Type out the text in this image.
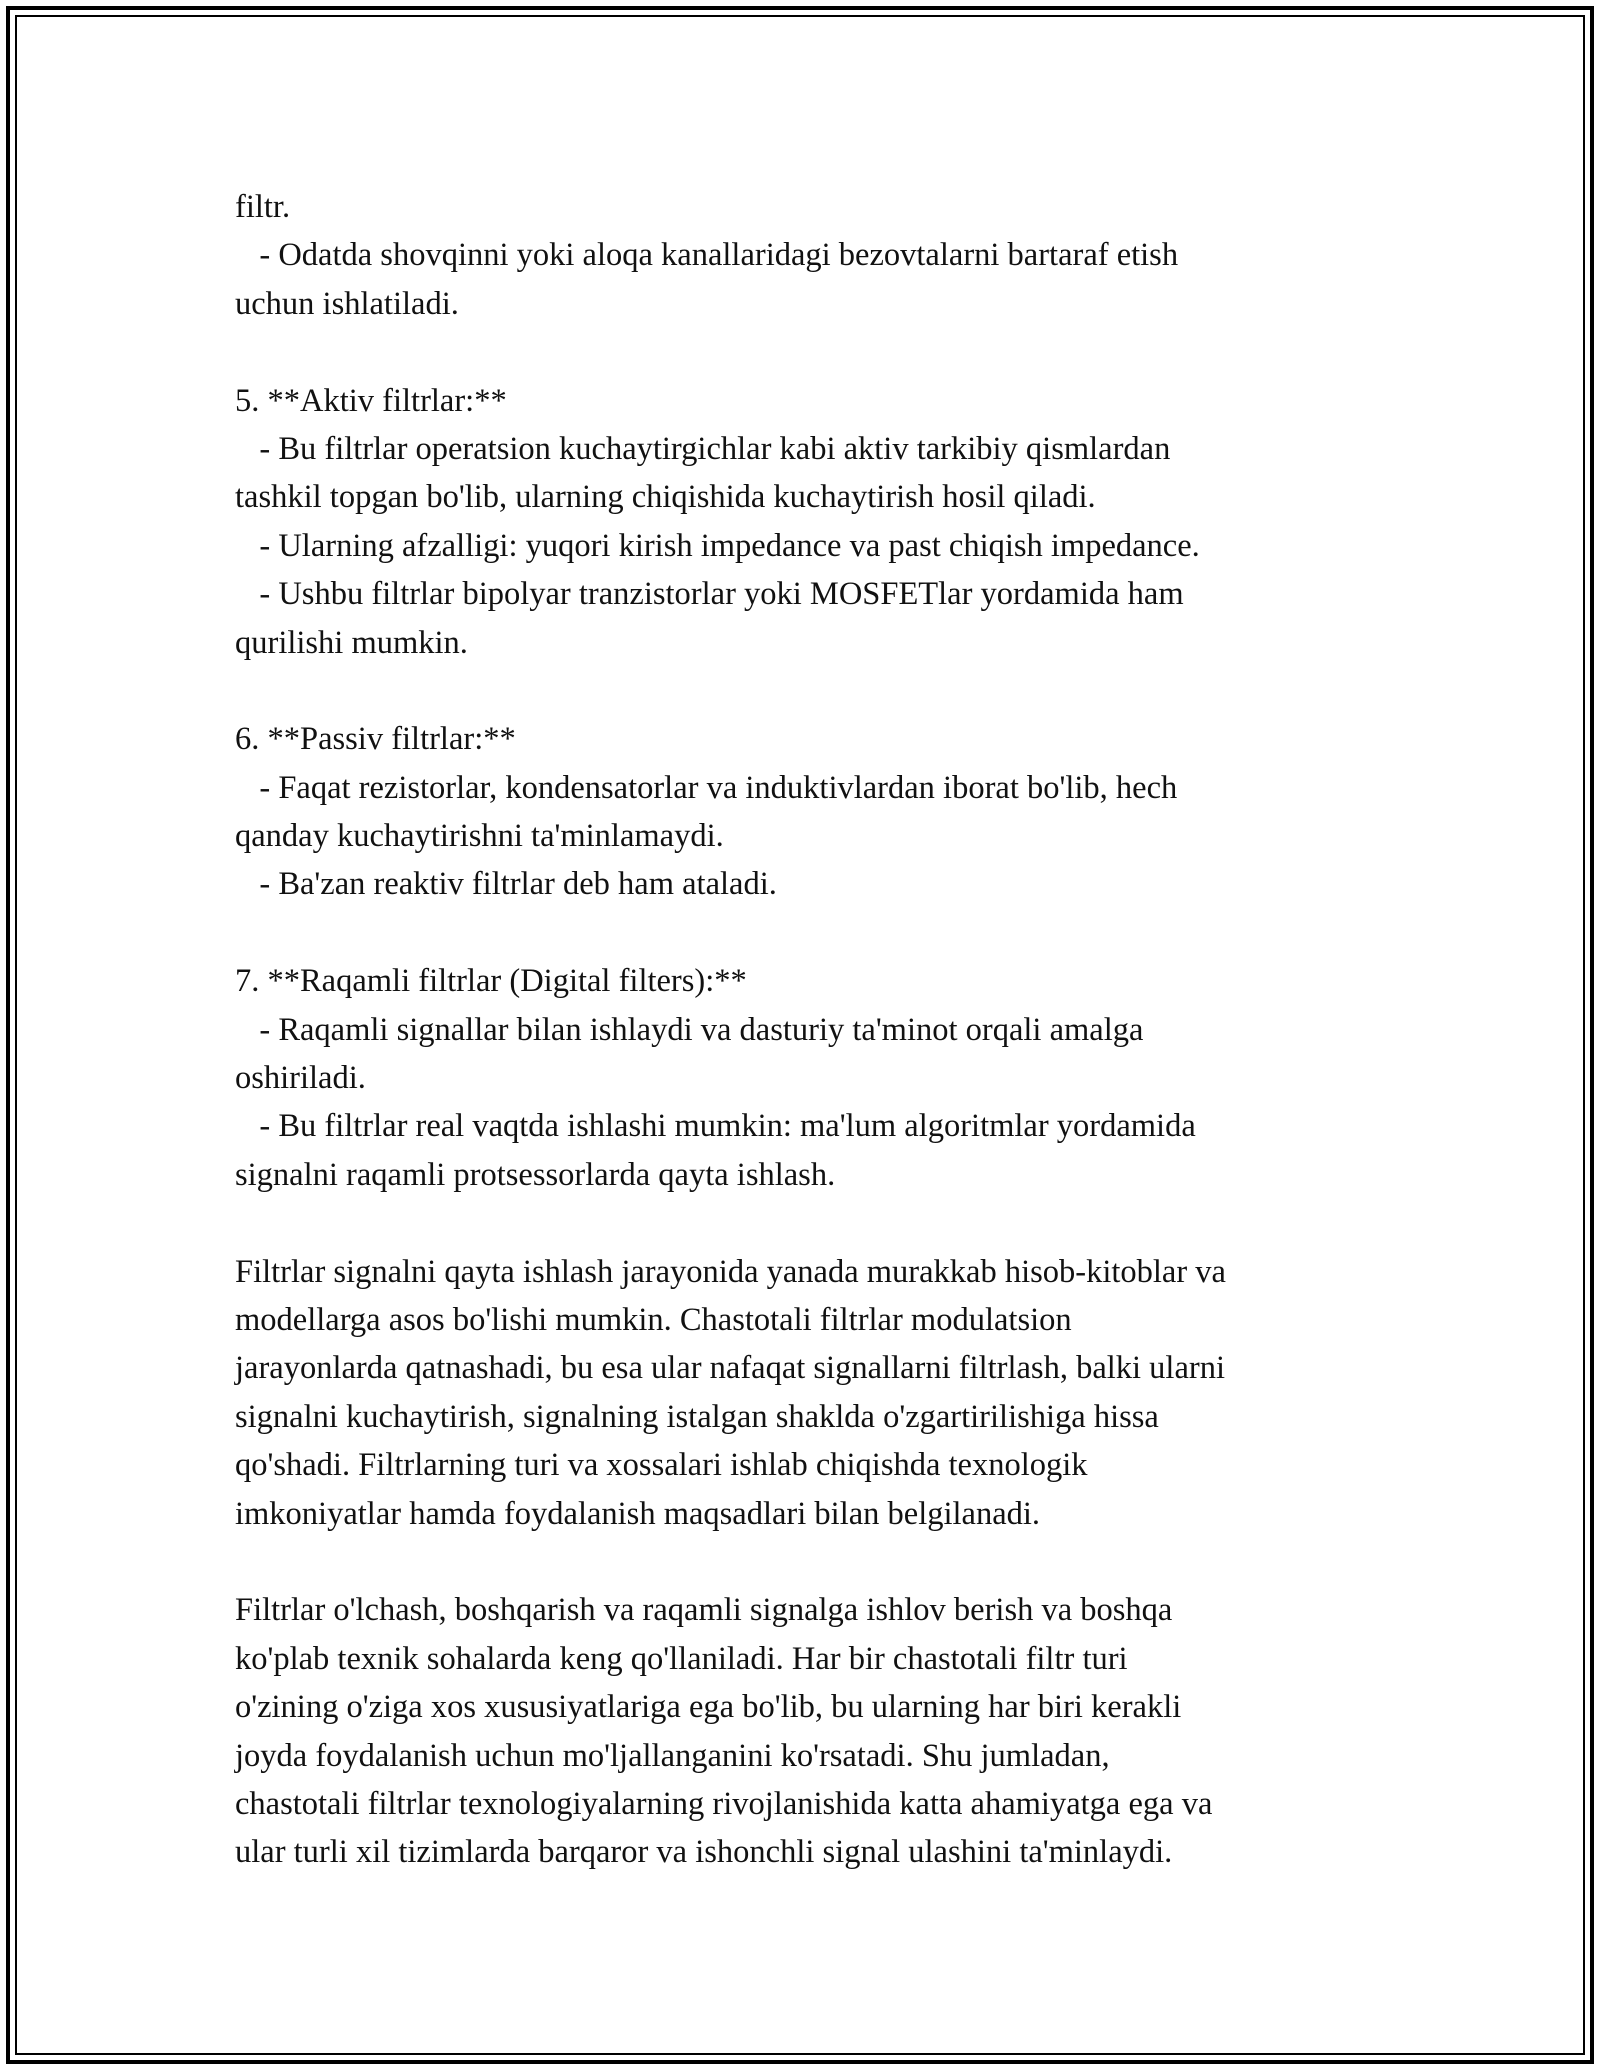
filtr.
- Odatda shovqinni yoki aloqa kanallaridagi bezovtalarni bartaraf etish
uchun ishlatiladi.
5. **Aktiv filtrlar:**
- Bu filtrlar operatsion kuchaytirgichlar kabi aktiv tarkibiy qismlardan
tashkil topgan bo'lib, ularning chiqishida kuchaytirish hosil qiladi.
- Ularning afzalligi: yuqori kirish impedance va past chiqish impedance.
- Ushbu filtrlar bipolyar tranzistorlar yoki MOSFETlar yordamida ham
qurilishi mumkin.
6. **Passiv filtrlar:**
- Faqat rezistorlar, kondensatorlar va induktivlardan iborat bo'lib, hech
qanday kuchaytirishni ta'minlamaydi.
- Ba'zan reaktiv filtrlar deb ham ataladi.
7. **Raqamli filtrlar (Digital filters):**
- Raqamli signallar bilan ishlaydi va dasturiy ta'minot orqali amalga
oshiriladi.
- Bu filtrlar real vaqtda ishlashi mumkin: ma'lum algoritmlar yordamida
signalni raqamli protsessorlarda qayta ishlash.
Filtrlar signalni qayta ishlash jarayonida yanada murakkab hisob-kitoblar va
modellarga asos bo'lishi mumkin. Chastotali filtrlar modulatsion
jarayonlarda qatnashadi, bu esa ular nafaqat signallarni filtrlash, balki ularni
signalni kuchaytirish, signalning istalgan shaklda o'zgartirilishiga hissa
qo'shadi. Filtrlarning turi va xossalari ishlab chiqishda texnologik
imkoniyatlar hamda foydalanish maqsadlari bilan belgilanadi.
Filtrlar o'lchash, boshqarish va raqamli signalga ishlov berish va boshqa
ko'plab texnik sohalarda keng qo'llaniladi. Har bir chastotali filtr turi
o'zining o'ziga xos xususiyatlariga ega bo'lib, bu ularning har biri kerakli
joyda foydalanish uchun mo'ljallanganini ko'rsatadi. Shu jumladan,
chastotali filtrlar texnologiyalarning rivojlanishida katta ahamiyatga ega va
ular turli xil tizimlarda barqaror va ishonchli signal ulashini ta'minlaydi.
